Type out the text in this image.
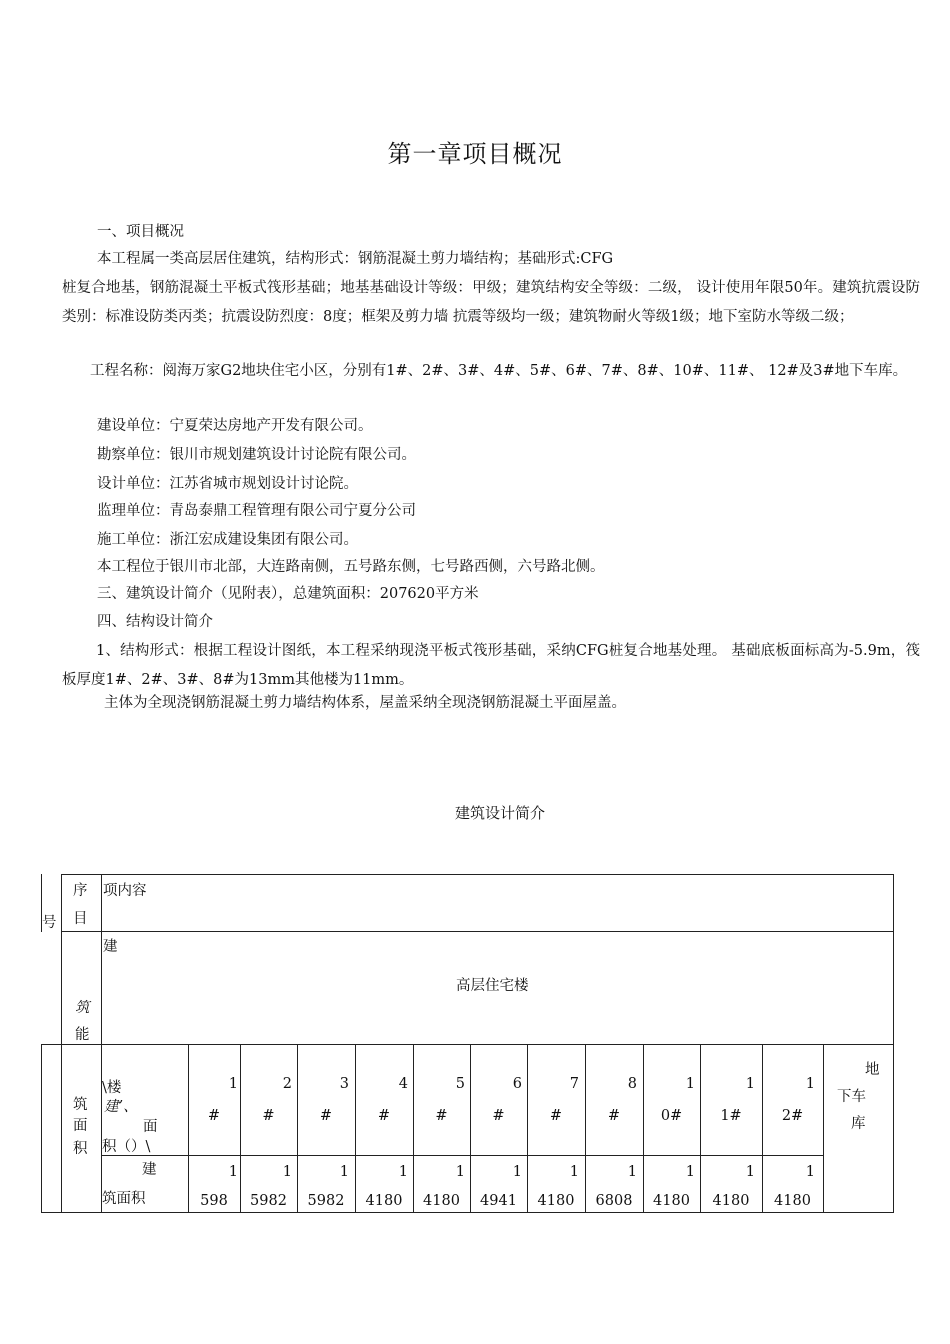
第一章项目概况
一、项目概况
本工程属一类高层居住建筑，结构形式：钢筋混凝土剪力墙结构；基础形式:CFG
桩复合地基，钢筋混凝土平板式筏形基础；地基基础设计等级：甲级；建筑结构安全等级：二级， 设计使用年限50年。建筑抗震设防类别：标准设防类丙类；抗震设防烈度：8度；框架及剪力墙 抗震等级均一级；建筑物耐火等级1级；地下室防水等级二级；
工程名称：阅海万家G2地块住宅小区，分别有1#、2#、3#、4#、5#、6#、7#、8#、10#、11#、 12#及3#地下车库。
建设单位：宁夏荣达房地产开发有限公司。
勘察单位：银川市规划建筑设计讨论院有限公司。
设计单位：江苏省城市规划设计讨论院。
监理单位：青岛泰鼎工程管理有限公司宁夏分公司
施工单位：浙江宏成建设集团有限公司。
本工程位于银川市北部，大连路南侧，五号路东侧，七号路西侧，六号路北侧。
三、建筑设计简介（见附表），总建筑面积：207620平方米
四、结构设计简介
1、结构形式：根据工程设计图纸，本工程采纳现浇平板式筏形基础，采纳CFG桩复合地基处理。 基础底板面标高为-5.9m，筏板厚度1#、2#、3#、8#为13mm其他楼为11mm。
主体为全现浇钢筋混凝土剪力墙结构体系，屋盖采纳全现浇钢筋混凝土平面屋盖。
建筑设计简介
号
序
目
项内容
建
筑
能
高层住宅楼
筑
面
积
\楼
建’、
面
积（）\
1
#
2
#
3
#
4
#
5
#
6
#
7
#
8
#
1
0#
1
1#
1
2#
地
下车
库
建
筑面积
1
598
1
5982
1
5982
1
4180
1
4180
1
4941
1
4180
1
6808
1
4180
1
4180
1
4180
